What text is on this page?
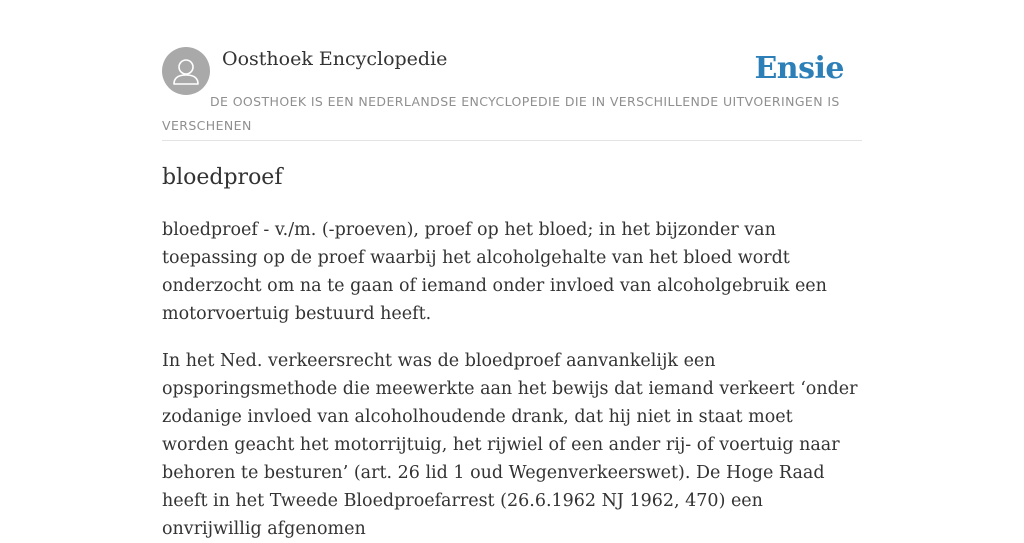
Oosthoek Encyclopedie	Ensie
DE OOSTHOEK IS EEN NEDERLANDSE ENCYCLOPEDIE DIE IN VERSCHILLENDE UITVOERINGEN IS VERSCHENEN
bloedproef

bloedproef - v./m. (-proeven), proef op het bloed; in het bijzonder van toepassing op de proef waarbij het alcoholgehalte van het bloed wordt onderzocht om na te gaan of iemand onder invloed van alcoholgebruik een motorvoertuig bestuurd heeft.

In het Ned. verkeersrecht was de bloedproef aanvankelijk een opsporingsmethode die meewerkte aan het bewijs dat iemand verkeert ‘onder zodanige invloed van alcoholhoudende drank, dat hij niet in staat moet worden geacht het motorrijtuig, het rijwiel of een ander rij- of voertuig naar behoren te besturen’ (art. 26 lid 1 oud Wegenverkeerswet). De Hoge Raad heeft in het Tweede Bloedproefarrest (26.6.1962 NJ 1962, 470) een onvrijwillig afgenomen
